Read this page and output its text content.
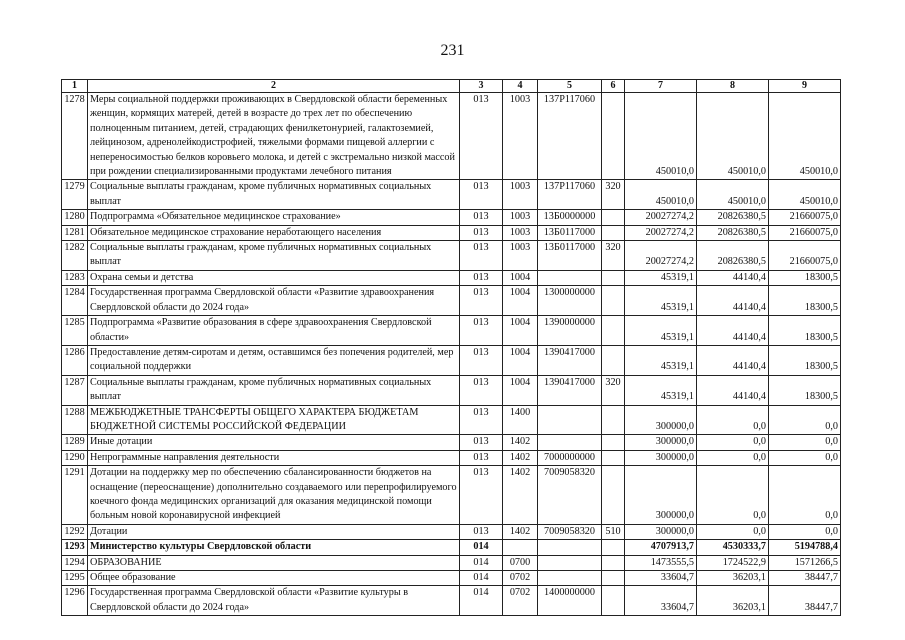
231
1	2	3	4	5	6	7	8	9
1278	Меры социальной поддержки проживающих в Свердловской области беременных женщин, кормящих матерей, детей в возрасте до трех лет по обеспечению полноценным питанием, детей, страдающих фенилкетонурией, галактоземией, лейцинозом, адренолейкодистрофией, тяжелыми формами пищевой аллергии с непереносимостью белков коровьего молока, и детей с экстремально низкой массой при рождении специализированными продуктами лечебного питания	013	1003	137P117060		450010,0	450010,0	450010,0
1279	Социальные выплаты гражданам, кроме публичных нормативных социальных выплат	013	1003	137P117060	320	450010,0	450010,0	450010,0
1280	Подпрограмма «Обязательное медицинское страхование»	013	1003	13Б0000000		20027274,2	20826380,5	21660075,0
1281	Обязательное медицинское страхование неработающего населения	013	1003	13Б0117000		20027274,2	20826380,5	21660075,0
1282	Социальные выплаты гражданам, кроме публичных нормативных социальных выплат	013	1003	13Б0117000	320	20027274,2	20826380,5	21660075,0
1283	Охрана семьи и детства	013	1004			45319,1	44140,4	18300,5
1284	Государственная программа Свердловской области «Развитие здравоохранения Свердловской области до 2024 года»	013	1004	1300000000		45319,1	44140,4	18300,5
1285	Подпрограмма «Развитие образования в сфере здравоохранения Свердловской области»	013	1004	1390000000		45319,1	44140,4	18300,5
1286	Предоставление детям-сиротам и детям, оставшимся без попечения родителей, мер социальной поддержки	013	1004	1390417000		45319,1	44140,4	18300,5
1287	Социальные выплаты гражданам, кроме публичных нормативных социальных выплат	013	1004	1390417000	320	45319,1	44140,4	18300,5
1288	МЕЖБЮДЖЕТНЫЕ ТРАНСФЕРТЫ ОБЩЕГО ХАРАКТЕРА БЮДЖЕТАМ БЮДЖЕТНОЙ СИСТЕМЫ РОССИЙСКОЙ ФЕДЕРАЦИИ	013	1400			300000,0	0,0	0,0
1289	Иные дотации	013	1402			300000,0	0,0	0,0
1290	Непрограммные направления деятельности	013	1402	7000000000		300000,0	0,0	0,0
1291	Дотации на поддержку мер по обеспечению сбалансированности бюджетов на оснащение (переоснащение) дополнительно создаваемого или перепрофилируемого коечного фонда медицинских организаций для оказания медицинской помощи больным новой коронавирусной инфекцией	013	1402	7009058320		300000,0	0,0	0,0
1292	Дотации	013	1402	7009058320	510	300000,0	0,0	0,0
1293	Министерство культуры Свердловской области	014				4707913,7	4530333,7	5194788,4
1294	ОБРАЗОВАНИЕ	014	0700			1473555,5	1724522,9	1571266,5
1295	Общее образование	014	0702			33604,7	36203,1	38447,7
1296	Государственная программа Свердловской области «Развитие культуры в Свердловской области до 2024 года»	014	0702	1400000000		33604,7	36203,1	38447,7
